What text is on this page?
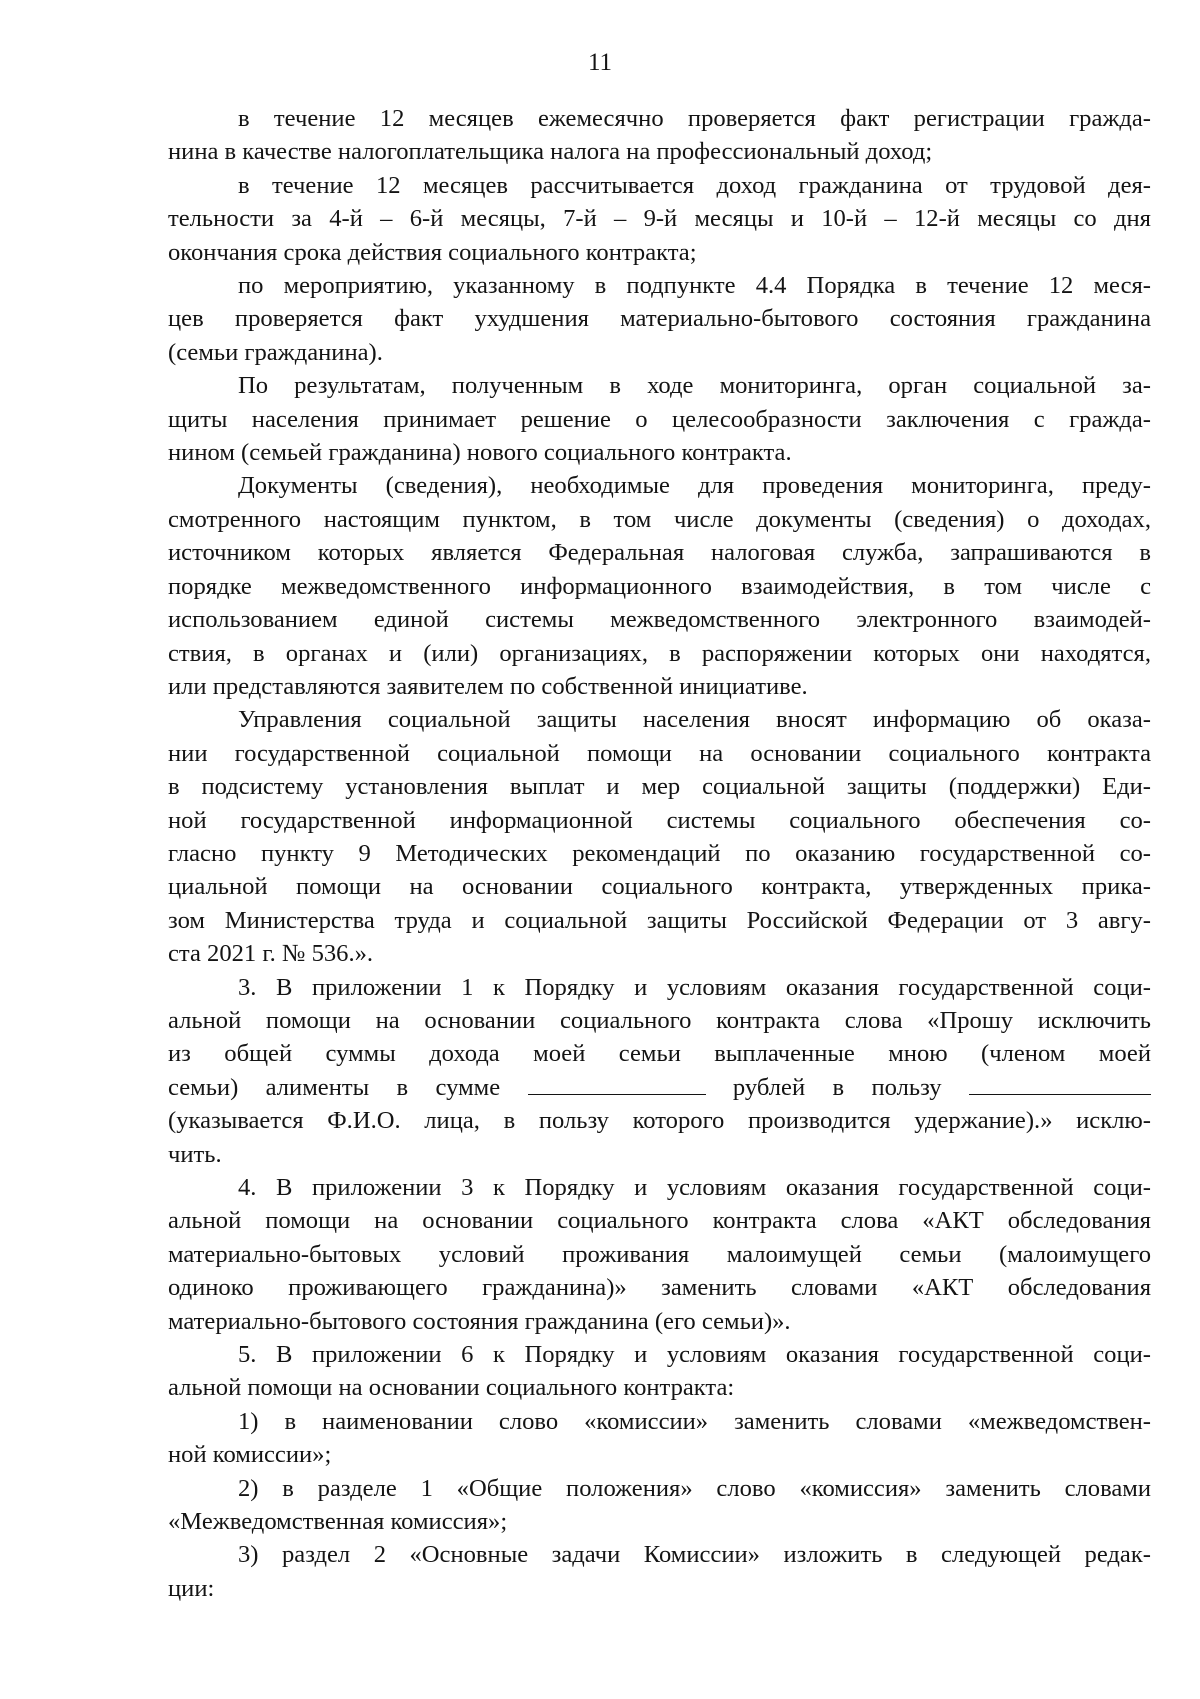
11

в течение 12 месяцев ежемесячно проверяется факт регистрации гражда-
нина в качестве налогоплательщика налога на профессиональный доход;

в течение 12 месяцев рассчитывается доход гражданина от трудовой дея-
тельности за 4-й – 6-й месяцы, 7-й – 9-й месяцы и 10-й – 12-й месяцы со дня
окончания срока действия социального контракта;

по мероприятию, указанному в подпункте 4.4 Порядка в течение 12 меся-
цев проверяется факт ухудшения материально-бытового состояния гражданина
(семьи гражданина).

По результатам, полученным в ходе мониторинга, орган социальной за-
щиты населения принимает решение о целесообразности заключения с гражда-
нином (семьей гражданина) нового социального контракта.

Документы (сведения), необходимые для проведения мониторинга, преду-
смотренного настоящим пунктом, в том числе документы (сведения) о доходах,
источником которых является Федеральная налоговая служба, запрашиваются в
порядке межведомственного информационного взаимодействия, в том числе с
использованием единой системы межведомственного электронного взаимодей-
ствия, в органах и (или) организациях, в распоряжении которых они находятся,
или представляются заявителем по собственной инициативе.

Управления социальной защиты населения вносят информацию об оказа-
нии государственной социальной помощи на основании социального контракта
в подсистему установления выплат и мер социальной защиты (поддержки) Еди-
ной государственной информационной системы социального обеспечения со-
гласно пункту 9 Методических рекомендаций по оказанию государственной со-
циальной помощи на основании социального контракта, утвержденных прика-
зом Министерства труда и социальной защиты Российской Федерации от 3 авгу-
ста 2021 г. № 536.».

3. В приложении 1 к Порядку и условиям оказания государственной соци-
альной помощи на основании социального контракта слова «Прошу исключить
из общей суммы дохода моей семьи выплаченные мною (членом моей
семьи) алименты в сумме	рублей в пользу
(указывается Ф.И.О. лица, в пользу которого производится удержание).» исклю-
чить.

4. В приложении 3 к Порядку и условиям оказания государственной соци-
альной помощи на основании социального контракта слова «АКТ обследования
материально-бытовых условий проживания малоимущей семьи (малоимущего
одиноко проживающего гражданина)» заменить словами «АКТ обследования
материально-бытового состояния гражданина (его семьи)».

5. В приложении 6 к Порядку и условиям оказания государственной соци-
альной помощи на основании социального контракта:

1) в наименовании слово «комиссии» заменить словами «межведомствен-
ной комиссии»;

2) в разделе 1 «Общие положения» слово «комиссия» заменить словами
«Межведомственная комиссия»;

3) раздел 2 «Основные задачи Комиссии» изложить в следующей редак-
ции:
